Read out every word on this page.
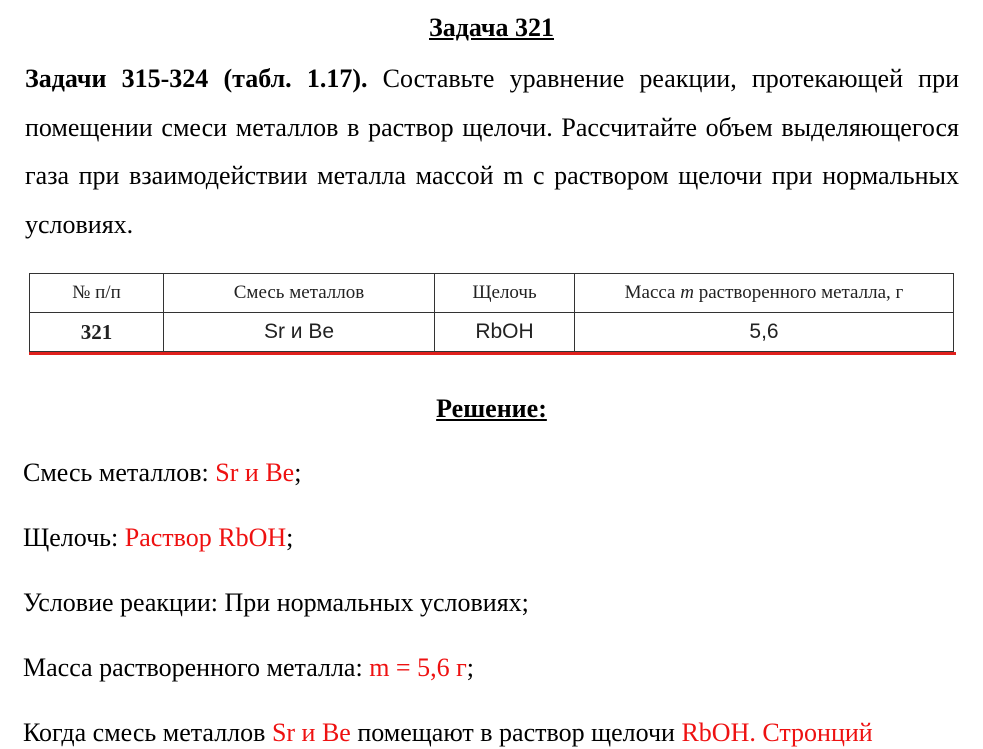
Задача 321

Задачи 315-324 (табл. 1.17). Составьте уравнение реакции, протекающей при помещении смеси металлов в раствор щелочи. Рассчитайте объем выделяющегося газа при взаимодействии металла массой m с раствором щелочи при нормальных условиях.

№ п/п	Смесь металлов	Щелочь	Масса m растворенного металла, г
321	Sr и Be	RbOH	5,6
Решение:
Смесь металлов: Sr и Be;
Щелочь: Раствор RbOH;
Условие реакции: При нормальных условиях;
Масса растворенного металла: m = 5,6 г;
Когда смесь металлов Sr и Be помещают в раствор щелочи RbOH. Стронций
